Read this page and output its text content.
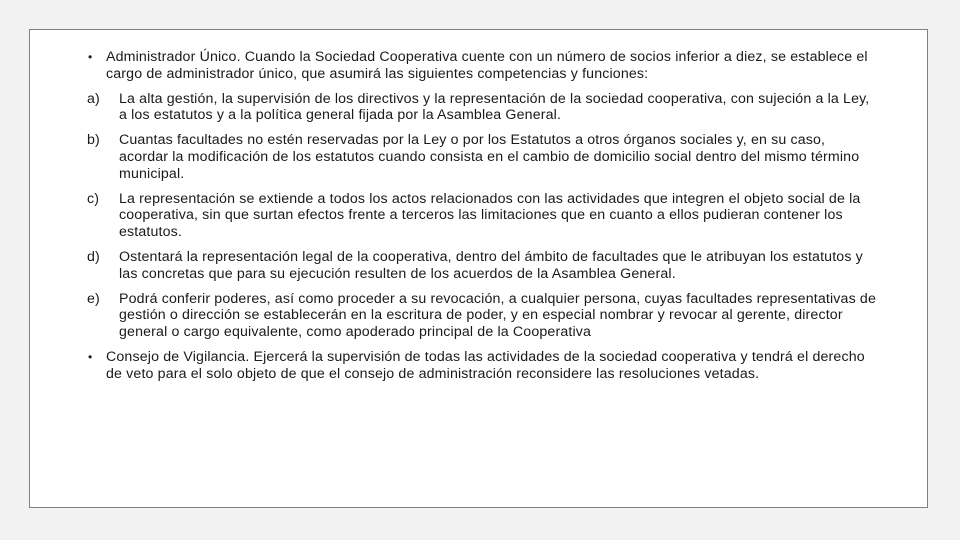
• Administrador Único. Cuando la Sociedad Cooperativa cuente con un número de socios inferior a diez, se establece el cargo de administrador único, que asumirá las siguientes competencias y funciones:
a) La alta gestión, la supervisión de los directivos y la representación de la sociedad cooperativa, con sujeción a la Ley, a los estatutos y a la política general fijada por la Asamblea General.
b) Cuantas facultades no estén reservadas por la Ley o por los Estatutos a otros órganos sociales y, en su caso, acordar la modificación de los estatutos cuando consista en el cambio de domicilio social dentro del mismo término municipal.
c) La representación se extiende a todos los actos relacionados con las actividades que integren el objeto social de la cooperativa, sin que surtan efectos frente a terceros las limitaciones que en cuanto a ellos pudieran contener los estatutos.
d) Ostentará la representación legal de la cooperativa, dentro del ámbito de facultades que le atribuyan los estatutos y las concretas que para su ejecución resulten de los acuerdos de la Asamblea General.
e) Podrá conferir poderes, así como proceder a su revocación, a cualquier persona, cuyas facultades representativas de gestión o dirección se establecerán en la escritura de poder, y en especial nombrar y revocar al gerente, director general o cargo equivalente, como apoderado principal de la Cooperativa
• Consejo de Vigilancia. Ejercerá la supervisión de todas las actividades de la sociedad cooperativa y tendrá el derecho de veto para el solo objeto de que el consejo de administración reconsidere las resoluciones vetadas.
